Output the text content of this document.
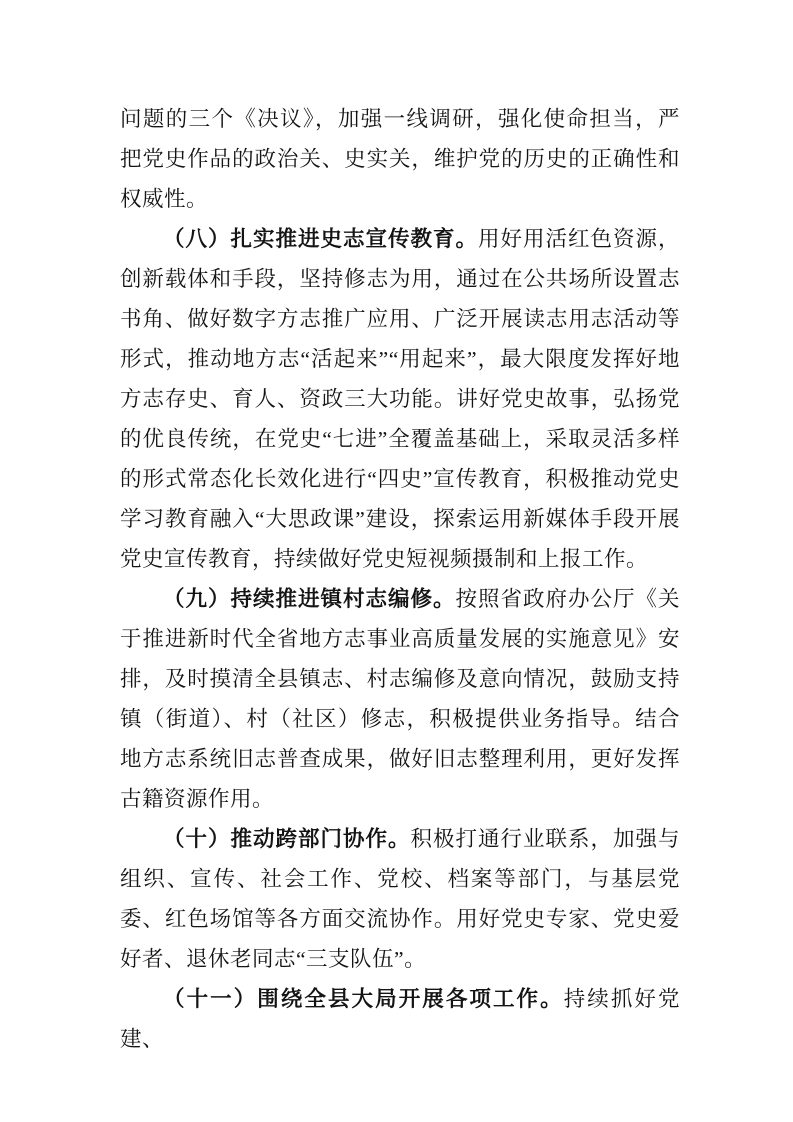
问题的三个《决议》，加强一线调研，强化使命担当，严把党史作品的政治关、史实关，维护党的历史的正确性和权威性。

（八）扎实推进史志宣传教育。用好用活红色资源，创新载体和手段，坚持修志为用，通过在公共场所设置志书角、做好数字方志推广应用、广泛开展读志用志活动等形式，推动地方志“活起来”“用起来”，最大限度发挥好地方志存史、育人、资政三大功能。讲好党史故事，弘扬党的优良传统，在党史“七进”全覆盖基础上，采取灵活多样的形式常态化长效化进行“四史”宣传教育，积极推动党史学习教育融入“大思政课”建设，探索运用新媒体手段开展党史宣传教育，持续做好党史短视频摄制和上报工作。

（九）持续推进镇村志编修。按照省政府办公厅《关于推进新时代全省地方志事业高质量发展的实施意见》安排，及时摸清全县镇志、村志编修及意向情况，鼓励支持镇（街道）、村（社区）修志，积极提供业务指导。结合地方志系统旧志普查成果，做好旧志整理利用，更好发挥古籍资源作用。

（十）推动跨部门协作。积极打通行业联系，加强与组织、宣传、社会工作、党校、档案等部门，与基层党委、红色场馆等各方面交流协作。用好党史专家、党史爱好者、退休老同志“三支队伍”。

（十一）围绕全县大局开展各项工作。持续抓好党建、
